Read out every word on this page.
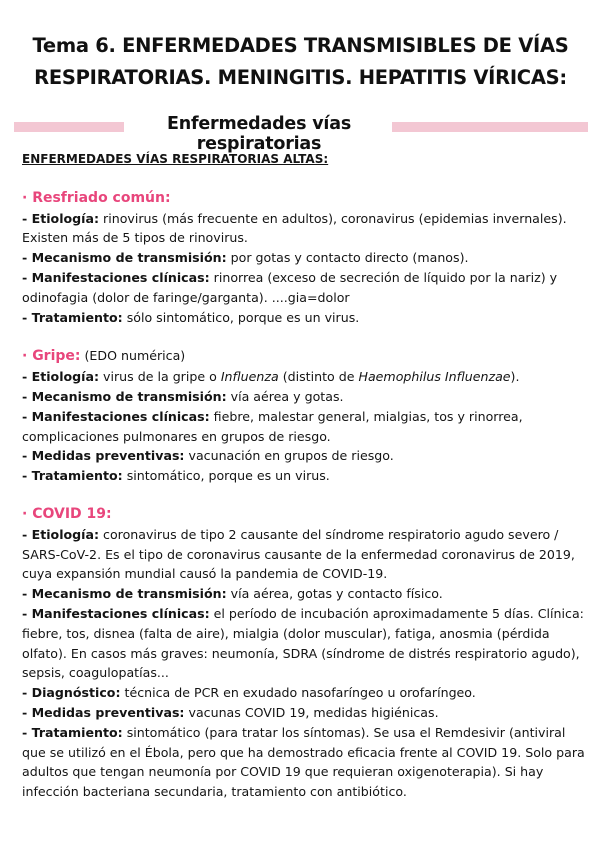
Tema 6. ENFERMEDADES TRANSMISIBLES DE VÍAS
RESPIRATORIAS. MENINGITIS. HEPATITIS VÍRICAS:
Enfermedades vías respiratorias

ENFERMEDADES VÍAS RESPIRATORIAS ALTAS:

· Resfriado común:

- Etiología: rinovirus (más frecuente en adultos), coronavirus (epidemias invernales). Existen más de 5 tipos de rinovirus.

- Mecanismo de transmisión: por gotas y contacto directo (manos).

- Manifestaciones clínicas: rinorrea (exceso de secreción de líquido por la nariz) y odinofagia (dolor de faringe/garganta). ....gia=dolor

- Tratamiento: sólo sintomático, porque es un virus.

· Gripe: (EDO numérica)

- Etiología: virus de la gripe o Influenza (distinto de Haemophilus Influenzae).

- Mecanismo de transmisión: vía aérea y gotas.

- Manifestaciones clínicas: fiebre, malestar general, mialgias, tos y rinorrea, complicaciones pulmonares en grupos de riesgo.

- Medidas preventivas: vacunación en grupos de riesgo.

- Tratamiento: sintomático, porque es un virus.

· COVID 19:

- Etiología: coronavirus de tipo 2 causante del síndrome respiratorio agudo severo / SARS-CoV-2. Es el tipo de coronavirus causante de la enfermedad coronavirus de 2019, cuya expansión mundial causó la pandemia de COVID-19.

- Mecanismo de transmisión: vía aérea, gotas y contacto físico.

- Manifestaciones clínicas: el período de incubación aproximadamente 5 días. Clínica: fiebre, tos, disnea (falta de aire), mialgia (dolor muscular), fatiga, anosmia (pérdida olfato). En casos más graves: neumonía, SDRA (síndrome de distrés respiratorio agudo), sepsis, coagulopatías...

- Diagnóstico: técnica de PCR en exudado nasofaríngeo u orofaríngeo.

- Medidas preventivas: vacunas COVID 19, medidas higiénicas.

- Tratamiento: sintomático (para tratar los síntomas). Se usa el Remdesivir (antiviral que se utilizó en el Ébola, pero que ha demostrado eficacia frente al COVID 19. Solo para adultos que tengan neumonía por COVID 19 que requieran oxigenoterapia). Si hay infección bacteriana secundaria, tratamiento con antibiótico.
